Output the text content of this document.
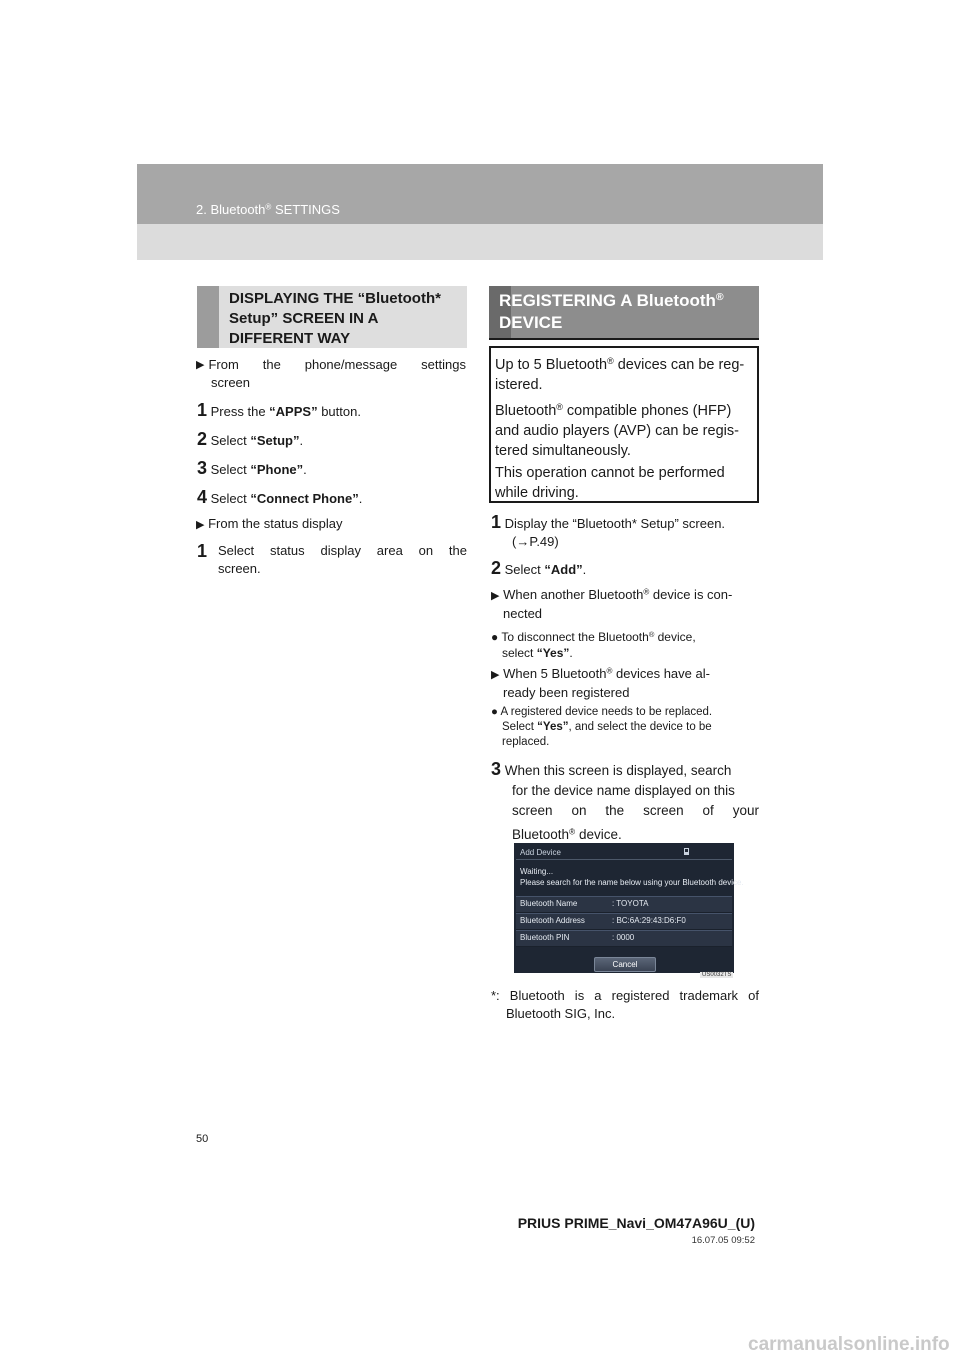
2. Bluetooth® SETTINGS
DISPLAYING THE “Bluetooth*
Setup” SCREEN IN A
DIFFERENT WAY
▶ From the phone/message settings
screen
1 Press the “APPS” button.
2 Select “Setup”.
3 Select “Phone”.
4 Select “Connect Phone”.
▶ From the status display
1 Select status display area on the
screen.
REGISTERING A Bluetooth®
DEVICE

Up to 5 Bluetooth® devices can be reg-

istered.

Bluetooth® compatible phones (HFP)

and audio players (AVP) can be regis-

tered simultaneously.

This operation cannot be performed

while driving.

1 Display the “Bluetooth* Setup” screen.
(→P.49)
2 Select “Add”.
▶ When another Bluetooth® device is con-
nected
● To disconnect the Bluetooth® device,
select “Yes”.
▶ When 5 Bluetooth® devices have al-
ready been registered
● A registered device needs to be replaced.
Select “Yes”, and select the device to be
replaced.
3 When this screen is displayed, search
for the device name displayed on this
screen on the screen of your
Bluetooth® device.
Add Device
Waiting...
Please search for the name below using your Bluetooth device.
Bluetooth Name	: TOYOTA
Bluetooth Address	: BC:6A:29:43:D6:F0
Bluetooth PIN	: 0000
Cancel
US0032TS
*: Bluetooth is a registered trademark of
Bluetooth SIG, Inc.
50
PRIUS PRIME_Navi_OM47A96U_(U)
16.07.05 09:52
carmanualsonline.info
